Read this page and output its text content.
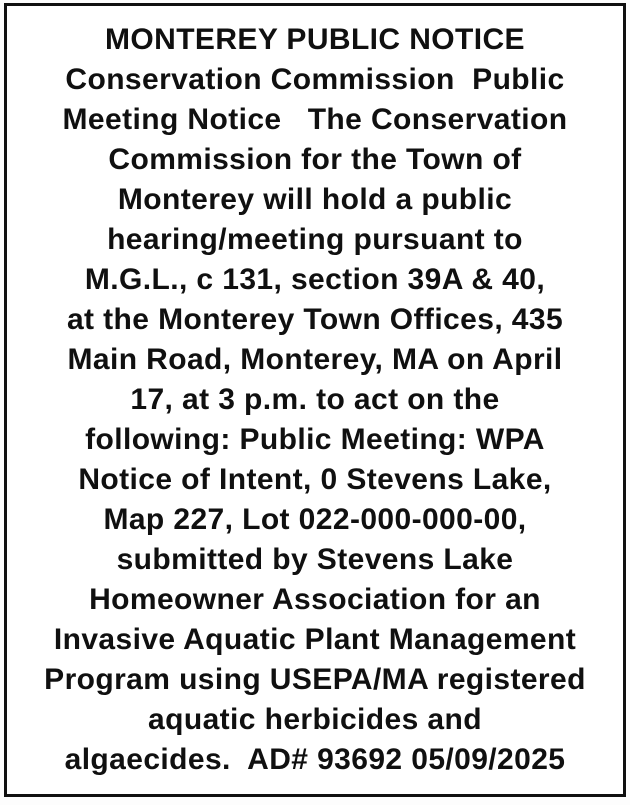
MONTEREY PUBLIC NOTICE
Conservation Commission  Public
Meeting Notice   The Conservation
Commission for the Town of
Monterey will hold a public
hearing/meeting pursuant to
M.G.L., c 131, section 39A & 40,
at the Monterey Town Offices, 435
Main Road, Monterey, MA on April
17, at 3 p.m. to act on the
following: Public Meeting: WPA
Notice of Intent, 0 Stevens Lake,
Map 227, Lot 022-000-000-00,
submitted by Stevens Lake
Homeowner Association for an
Invasive Aquatic Plant Management
Program using USEPA/MA registered
aquatic herbicides and
algaecides.  AD# 93692 05/09/2025
